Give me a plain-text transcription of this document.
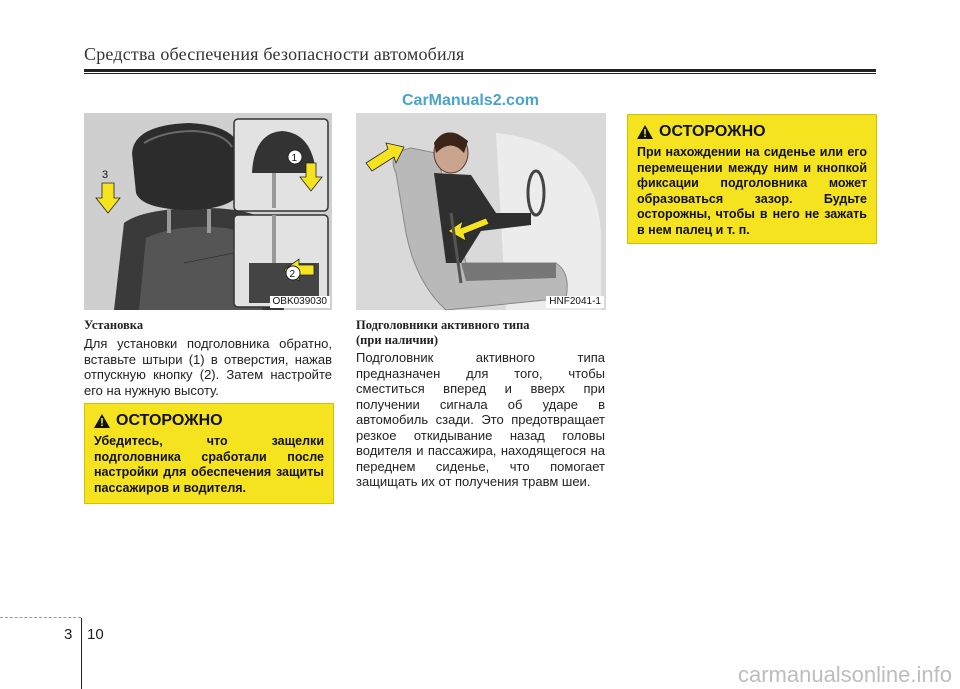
Средства обеспечения безопасности автомобиля
CarManuals2.com
3
1
2
OBK039030	HNF2041-1
Установка
Для установки подголовника обратно, вставьте штыри (1) в отверстия, нажав отпускную кнопку (2). Затем настройте его на нужную высоту.
ОСТОРОЖНО
Убедитесь, что защелки подголовника сработали после настройки для обеспечения защиты пассажиров и водителя.
Подголовники активного типа
(при наличии)
Подголовник активного типа предназначен для того, чтобы сместиться вперед и вверх при получении сигнала об ударе в автомобиль сзади. Это предотвращает резкое откидывание назад головы водителя и пассажира, находящегося на переднем сиденье, что помогает защищать их от получения травм шеи.
ОСТОРОЖНО
При нахождении на сиденье или его перемещении между ним и кнопкой фиксации подголовника может образоваться зазор. Будьте осторожны, чтобы в него не зажать в нем палец и т. п.
3 10
carmanualsonline.info
